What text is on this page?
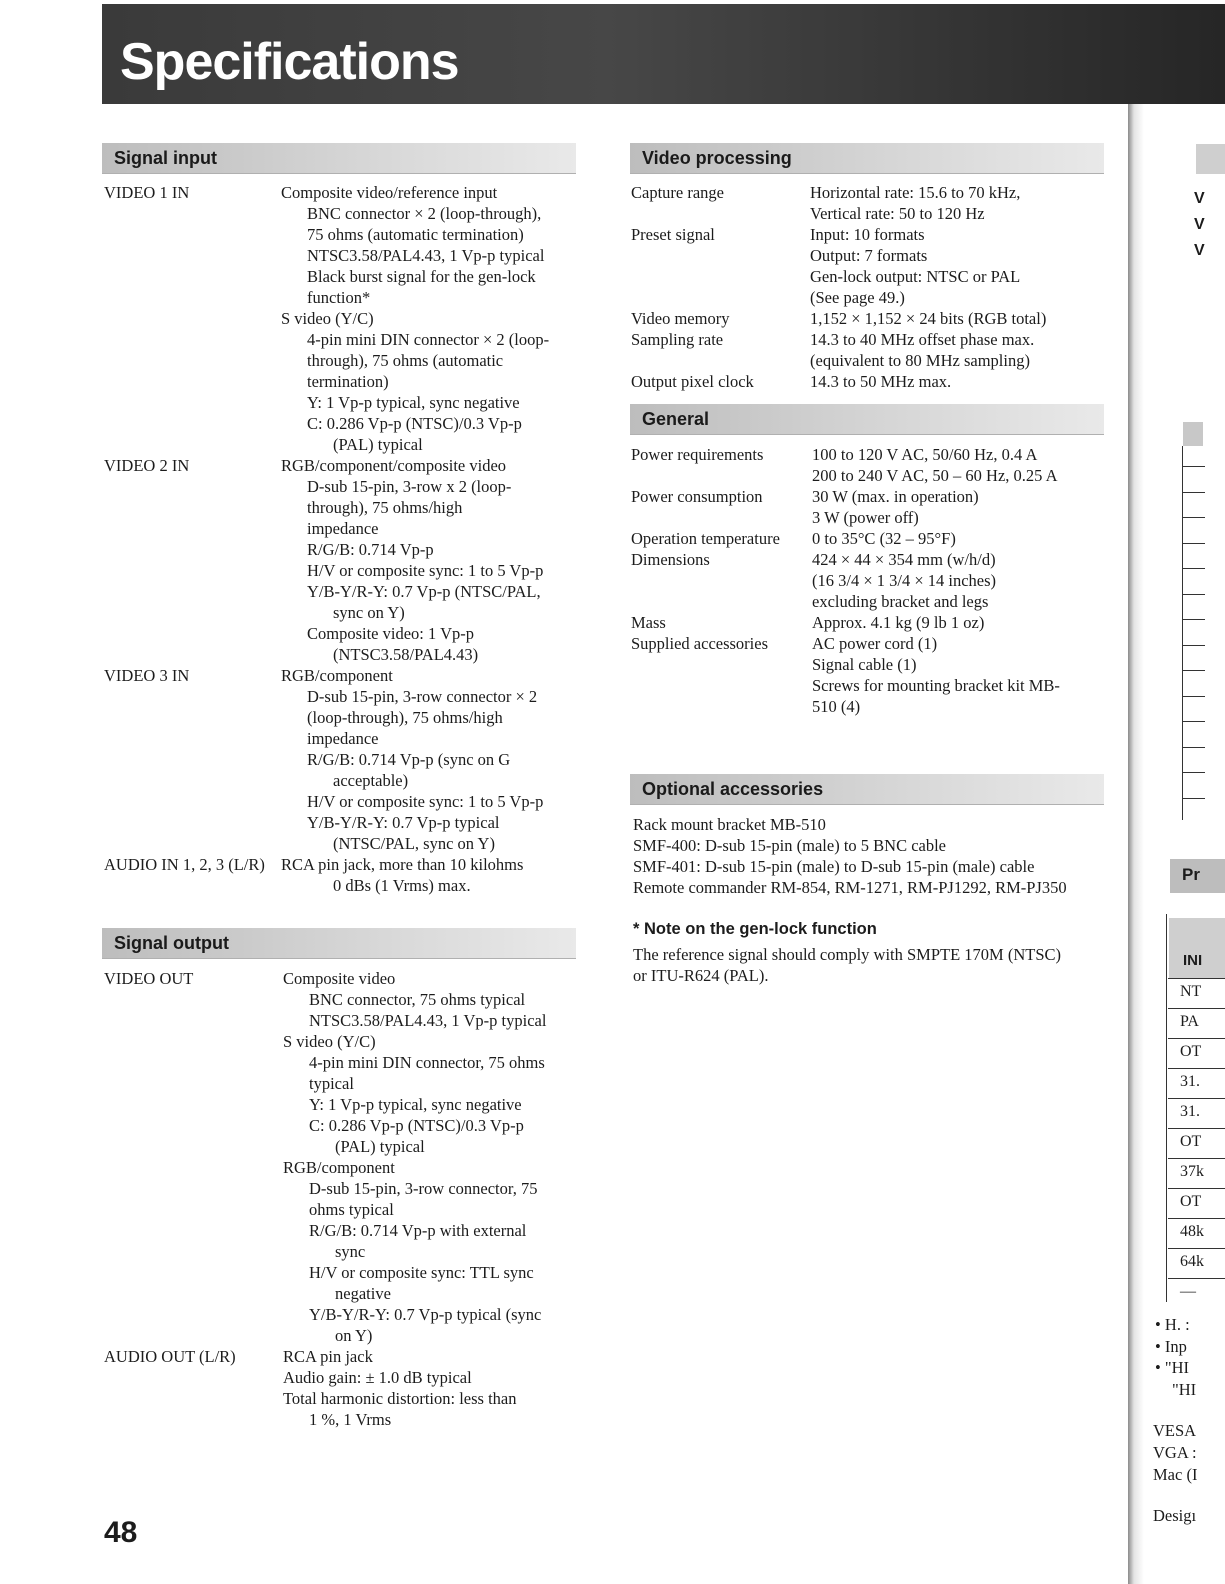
Specifications
Signal input
VIDEO 1 IN	Composite video/reference input
BNC connector × 2 (loop-through),
75 ohms (automatic termination)
NTSC3.58/PAL4.43, 1 Vp-p typical
Black burst signal for the gen-lock
function*
S video (Y/C)
4-pin mini DIN connector × 2 (loop-
through), 75 ohms (automatic
termination)
Y: 1 Vp-p typical, sync negative
C: 0.286 Vp-p (NTSC)/0.3 Vp-p
(PAL) typical
VIDEO 2 IN	RGB/component/composite video
D-sub 15-pin, 3-row x 2 (loop-
through), 75 ohms/high
impedance
R/G/B: 0.714 Vp-p
H/V or composite sync: 1 to 5 Vp-p
Y/B-Y/R-Y: 0.7 Vp-p (NTSC/PAL,
sync on Y)
Composite video: 1 Vp-p
(NTSC3.58/PAL4.43)
VIDEO 3 IN	RGB/component
D-sub 15-pin, 3-row connector × 2
(loop-through), 75 ohms/high
impedance
R/G/B: 0.714 Vp-p (sync on G
acceptable)
H/V or composite sync: 1 to 5 Vp-p
Y/B-Y/R-Y: 0.7 Vp-p typical
(NTSC/PAL, sync on Y)
AUDIO IN 1, 2, 3 (L/R) RCA pin jack, more than 10 kilohms
0 dBs (1 Vrms) max.
Signal output
VIDEO OUT	Composite video
BNC connector, 75 ohms typical
NTSC3.58/PAL4.43, 1 Vp-p typical
S video (Y/C)
4-pin mini DIN connector, 75 ohms
typical
Y: 1 Vp-p typical, sync negative
C: 0.286 Vp-p (NTSC)/0.3 Vp-p
(PAL) typical
RGB/component
D-sub 15-pin, 3-row connector, 75
ohms typical
R/G/B: 0.714 Vp-p with external
sync
H/V or composite sync: TTL sync
negative
Y/B-Y/R-Y: 0.7 Vp-p typical (sync
on Y)
AUDIO OUT (L/R)	RCA pin jack
Audio gain: ± 1.0 dB typical
Total harmonic distortion: less than
1 %, 1 Vrms
Video processing
Capture range	Horizontal rate: 15.6 to 70 kHz,
Vertical rate: 50 to 120 Hz
Preset signal	Input: 10 formats
Output: 7 formats
Gen-lock output: NTSC or PAL
(See page 49.)
Video memory	1,152 × 1,152 × 24 bits (RGB total)
Sampling rate	14.3 to 40 MHz offset phase max.
(equivalent to 80 MHz sampling)
Output pixel clock	14.3 to 50 MHz max.
General
Power requirements	100 to 120 V AC, 50/60 Hz, 0.4 A
200 to 240 V AC, 50 – 60 Hz, 0.25 A
Power consumption	30 W (max. in operation)
3 W (power off)
Operation temperature 0 to 35°C (32 – 95°F)
Dimensions	424 × 44 × 354 mm (w/h/d)
(16 3/4 × 1 3/4 × 14 inches)
excluding bracket and legs
Mass	Approx. 4.1 kg (9 lb 1 oz)
Supplied accessories	AC power cord (1)
Signal cable (1)
Screws for mounting bracket kit MB-
510 (4)
Optional accessories
Rack mount bracket MB-510
SMF-400: D-sub 15-pin (male) to 5 BNC cable
SMF-401: D-sub 15-pin (male) to D-sub 15-pin (male) cable
Remote commander RM-854, RM-1271, RM-PJ1292, RM-PJ350
* Note on the gen-lock function
The reference signal should comply with SMPTE 170M (NTSC)
or ITU-R624 (PAL).
48
V
V
V
Pr
INI
NT
PA
OT
31.
31.
OT
37k
OT
48k
64k
—
• H. :
• Inp
• "HI
"HI
VESA
VGA :
Mac (I
Desigı
